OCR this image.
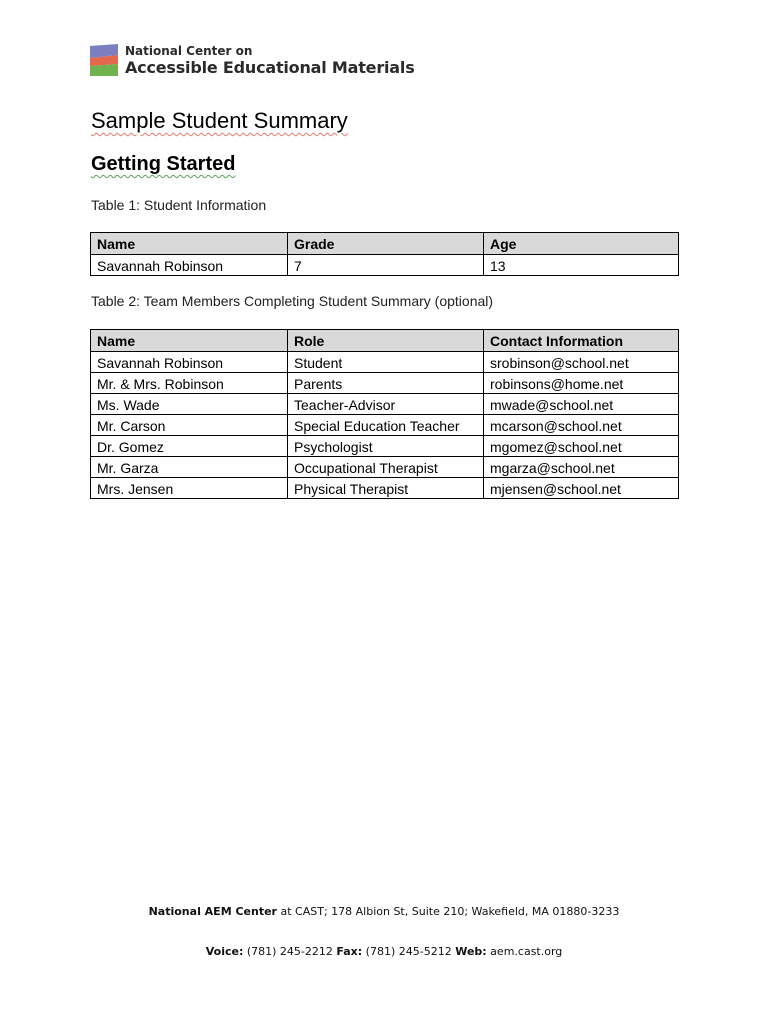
National Center on
Accessible Educational Materials
Sample Student Summary
Getting Started

Table 1: Student Information

Name	Grade	Age
Savannah Robinson	7	13

Table 2: Team Members Completing Student Summary (optional)

Name	Role	Contact Information
Savannah Robinson	Student	srobinson@school.net
Mr. & Mrs. Robinson	Parents	robinsons@home.net
Ms. Wade	Teacher-Advisor	mwade@school.net
Mr. Carson	Special Education Teacher	mcarson@school.net
Dr. Gomez	Psychologist	mgomez@school.net
Mr. Garza	Occupational Therapist	mgarza@school.net
Mrs. Jensen	Physical Therapist	mjensen@school.net
National AEM Center at CAST; 178 Albion St, Suite 210; Wakefield, MA 01880-3233
Voice: (781) 245-2212 Fax: (781) 245-5212 Web: aem.cast.org
